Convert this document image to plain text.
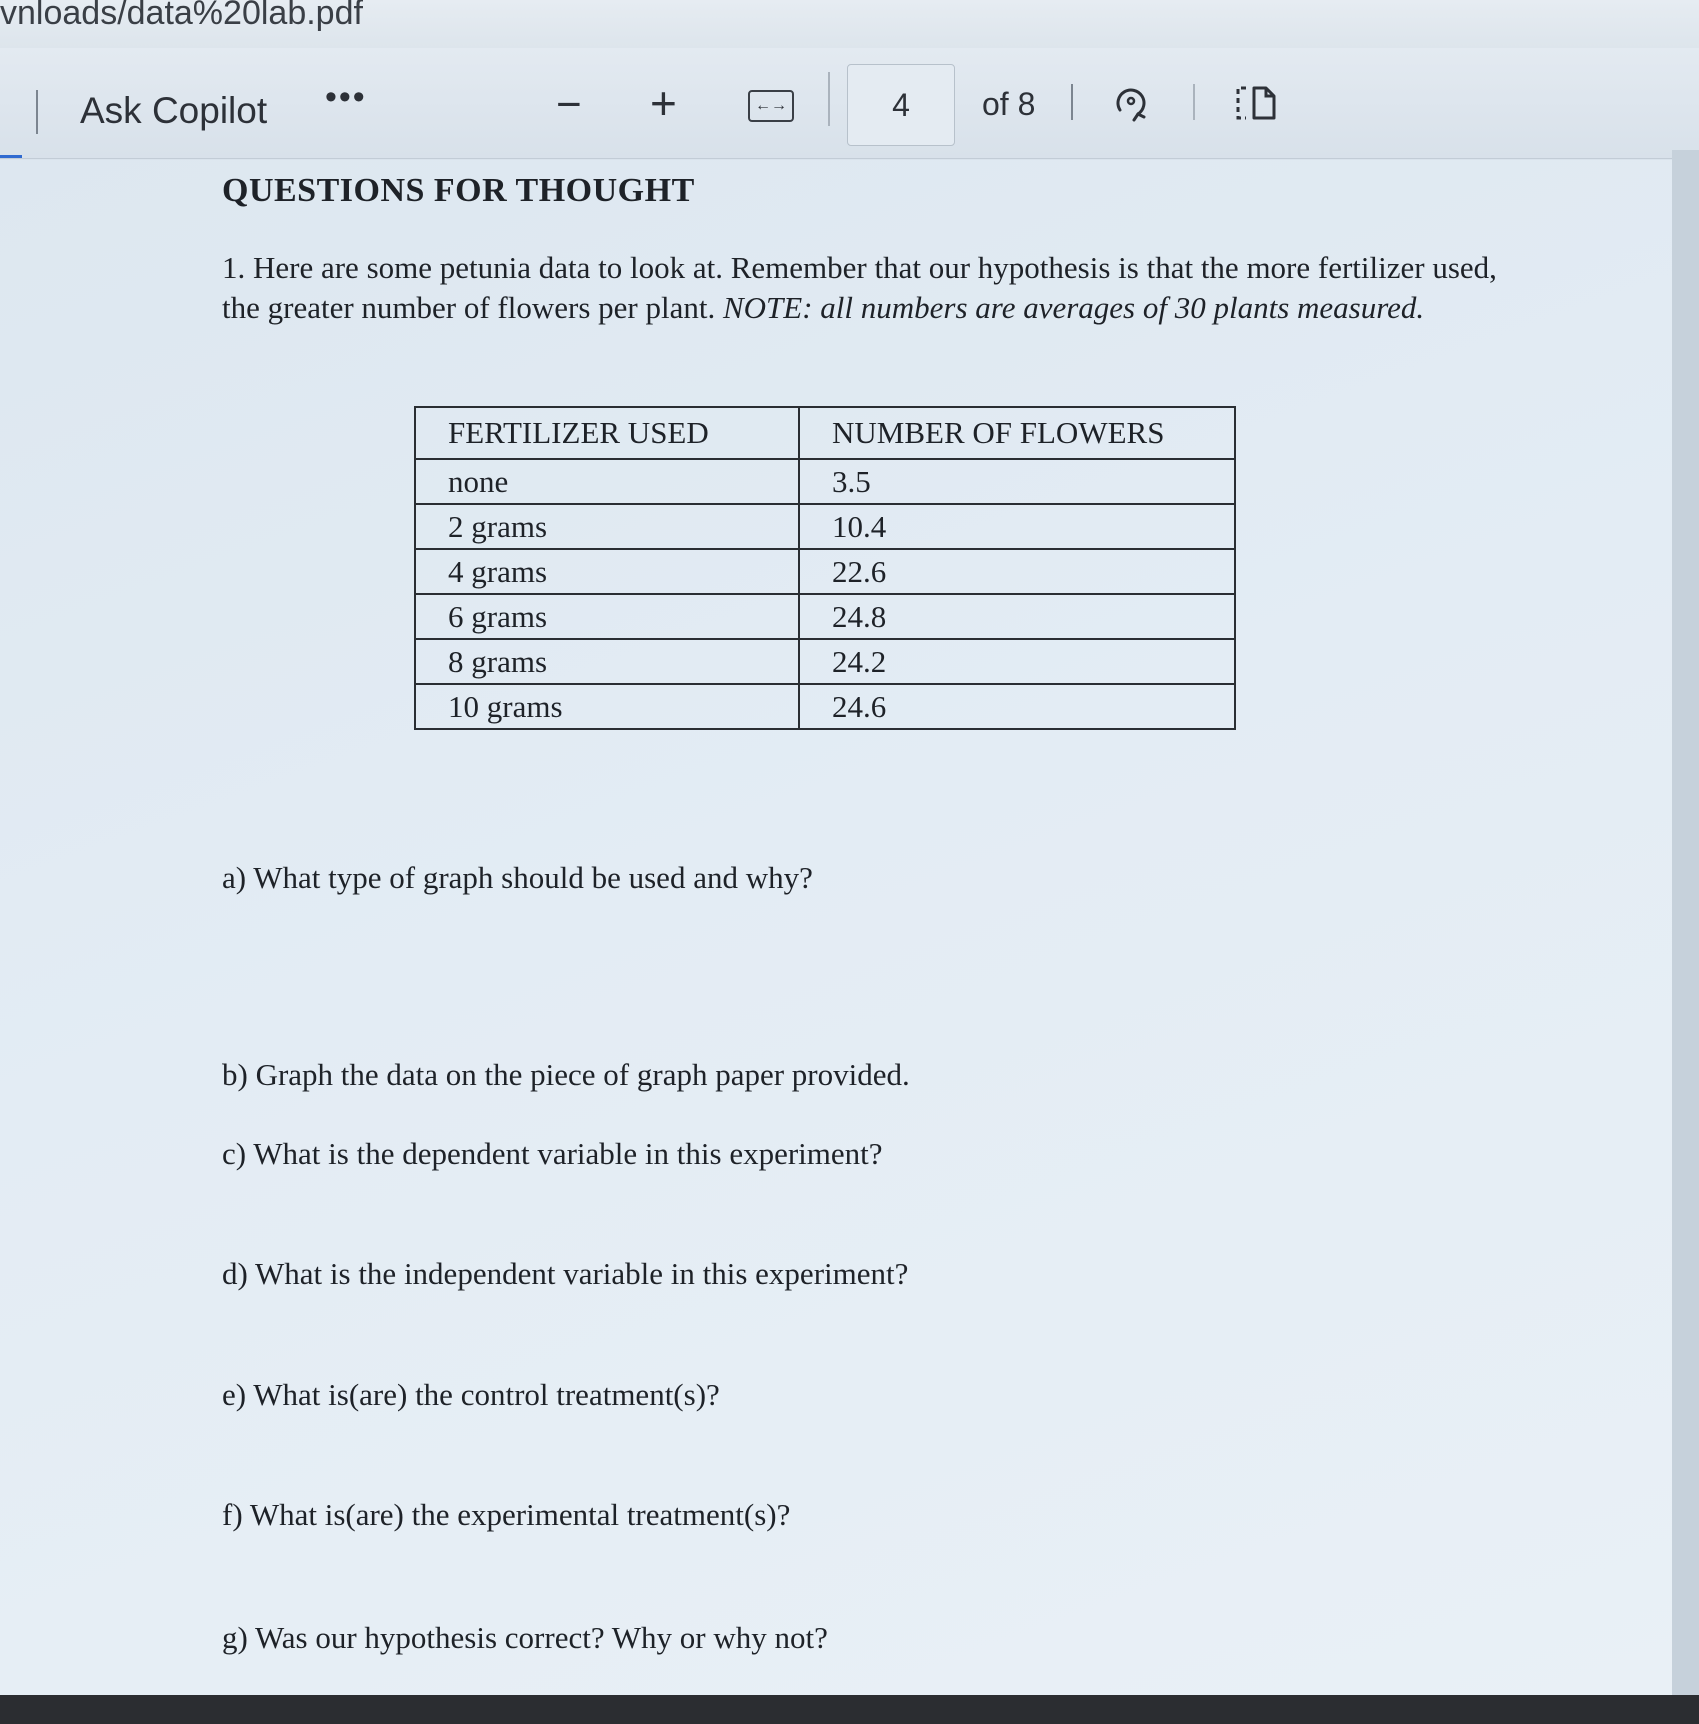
vnloads/data%20lab.pdf
Ask Copilot •••	− +	←→	4	of 8
QUESTIONS FOR THOUGHT
1. Here are some petunia data to look at. Remember that our hypothesis is that the more fertilizer used, the greater number of flowers per plant. NOTE: all numbers are averages of 30 plants measured.
FERTILIZER USED	NUMBER OF FLOWERS
none	3.5
2 grams	10.4
4 grams	22.6
6 grams	24.8
8 grams	24.2
10 grams	24.6
a) What type of graph should be used and why?
b) Graph the data on the piece of graph paper provided.
c) What is the dependent variable in this experiment?
d) What is the independent variable in this experiment?
e) What is(are) the control treatment(s)?
f) What is(are) the experimental treatment(s)?
g) Was our hypothesis correct? Why or why not?
